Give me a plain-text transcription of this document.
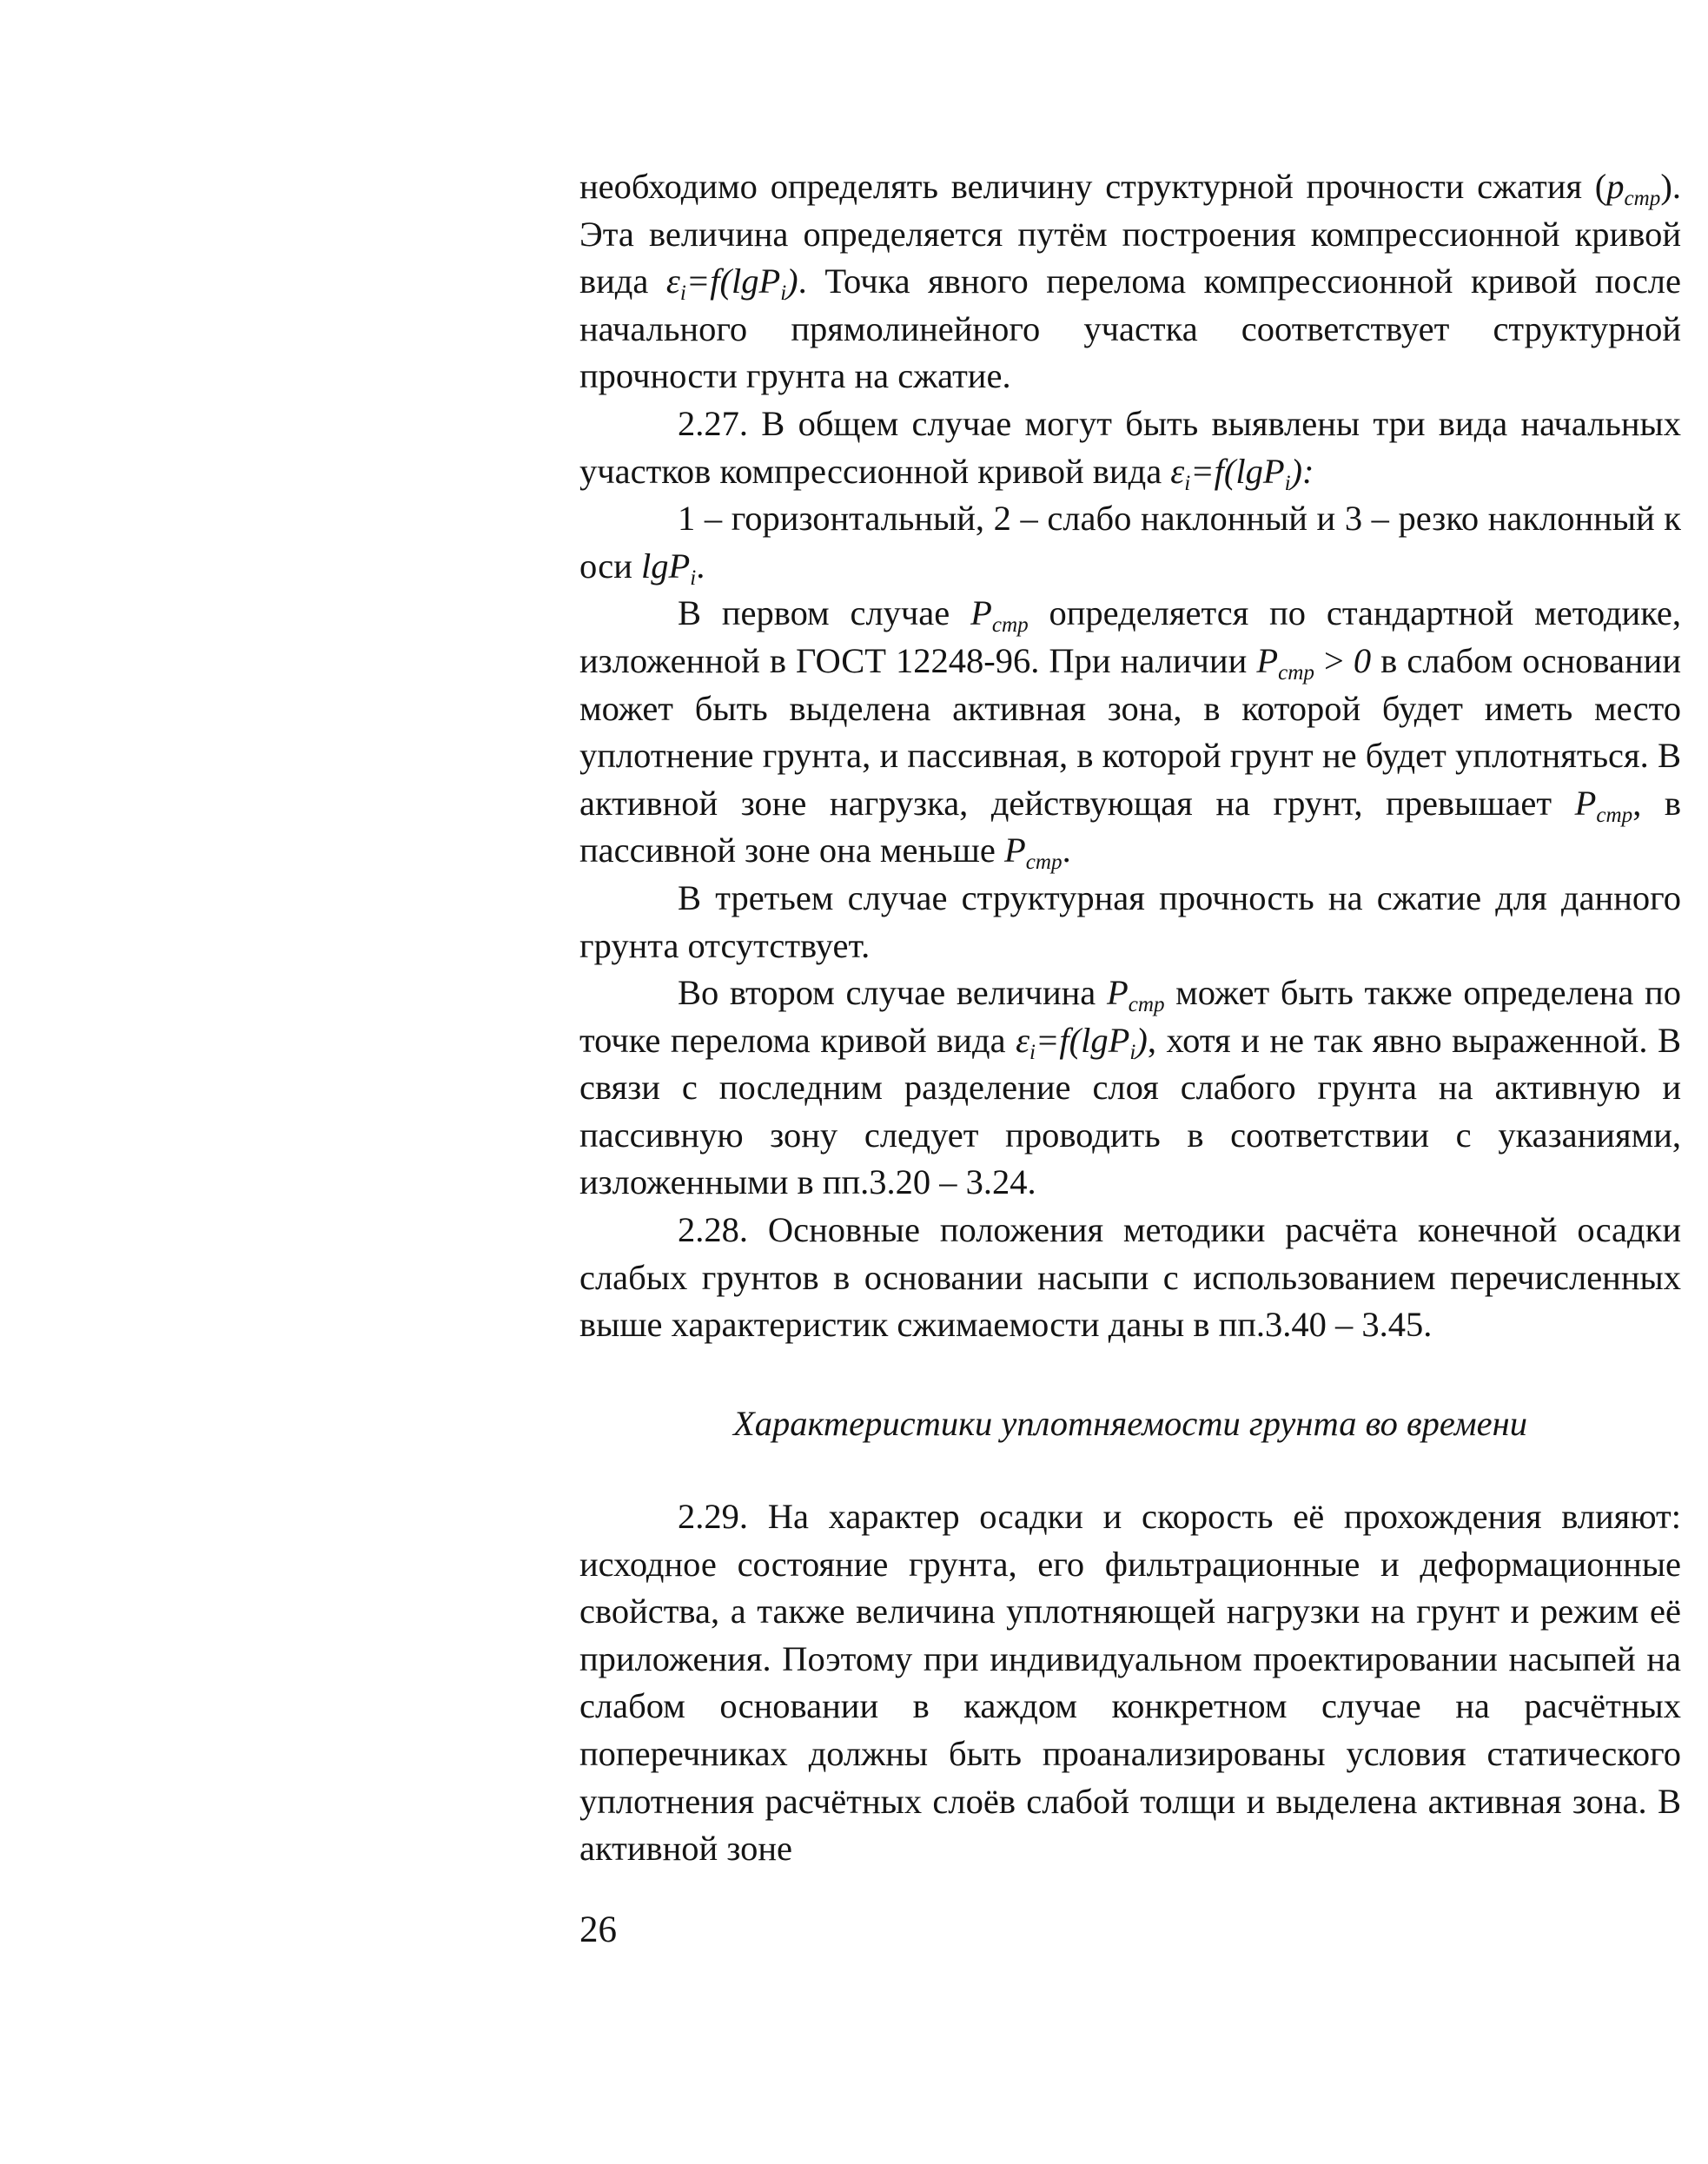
необходимо определять величину структурной прочности сжатия $(p_{стр})$. Эта величина определяется путём построения компрессионной кривой вида $\varepsilon_i=f(\lg P_i)$. Точка явного перелома компрессионной кривой после начального прямолинейного участка соответствует структурной прочности грунта на сжатие.

2.27. В общем случае могут быть выявлены три вида начальных участков компрессионной кривой вида $\varepsilon_i=f(\lg P_i)$:

1 – горизонтальный, 2 – слабо наклонный и 3 – резко наклонный к оси lgP$_i$.

В первом случае $P_{стр}$ определяется по стандартной методике, изложенной в ГОСТ 12248-96. При наличии $P_{стр} > 0$ в слабом основании может быть выделена активная зона, в которой будет иметь место уплотнение грунта, и пассивная, в которой грунт не будет уплотняться. В активной зоне нагрузка, действующая на грунт, превышает $P_{стр}$, в пассивной зоне она меньше $P_{стр}$.

В третьем случае структурная прочность на сжатие для данного грунта отсутствует.

Во втором случае величина $P_{стр}$ может быть также определена по точке перелома кривой вида $\varepsilon_i=f(\lg P_i)$, хотя и не так явно выраженной. В связи с последним разделение слоя слабого грунта на активную и пассивную зону следует проводить в соответствии с указаниями, изложенными в пп.3.20 – 3.24.

2.28. Основные положения методики расчёта конечной осадки слабых грунтов в основании насыпи с использованием перечисленных выше характеристик сжимаемости даны в пп.3.40 – 3.45.

Характеристики уплотняемости грунта во времени

2.29. На характер осадки и скорость её прохождения влияют: исходное состояние грунта, его фильтрационные и деформационные свойства, а также величина уплотняющей нагрузки на грунт и режим её приложения. Поэтому при индивидуальном проектировании насыпей на слабом основании в каждом конкретном случае на расчётных поперечниках должны быть проанализированы условия статического уплотнения расчётных слоёв слабой толщи и выделена активная зона. В активной зоне

26
